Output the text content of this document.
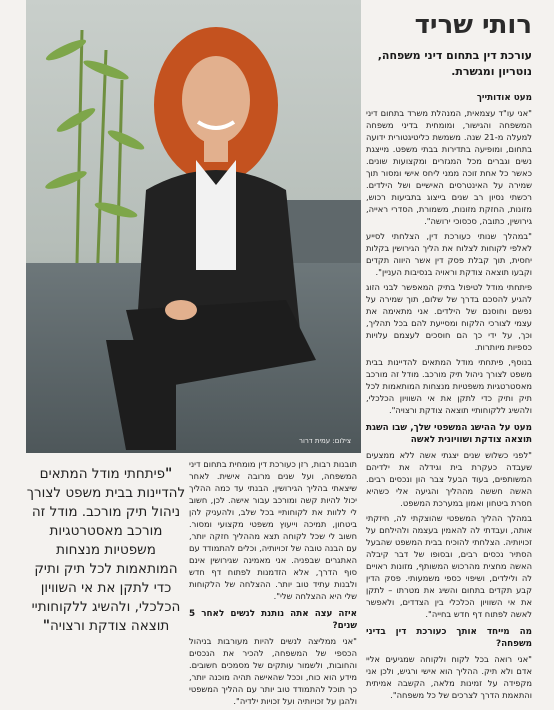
צילום: עמית דרור
רותי שריד
עורכת דין בתחום דיני משפחה, נוטריון ומגשרת.
מעט אודותייך

"אני עו"ד עצמאית, המנהלת משרד בתחום דיני המשפחה והגישור, ומומחית בדיני משפחה למעלה מ-21 שנה. משמשת כליטיגטורית ידועה בתחום, ומופיעה בתדירות בבתי משפט. מייצגת נשים וגברים מכל המגזרים ומקצועות שונים. כאשר כל אחת זוכה ממני ליחס אישי ומסור תוך שמירה על האינטרסים האישיים ושל הילדים. רכשתי נסיון רב שנים בייצוג בתביעות רכוש, מזונות, החזקת מזונות, משמורת, הסדרי ראייה, גירושין, כתובה, סכסוכי ירושה".

"במהלך שנותי כעורכת דין, הצלחתי לסייע לאלפי לקוחות לצלוח את הליך הגירושין בקלות יחסית, תוך קבלת פסק דין אשר היווה תקדים וקבעו תוצאה צודקת וראויה בנסיבות העניין".

פיתחתי מודל לטיפול בתיק המאפשר לבני הזוג להגיע להסכם בדרך של שלום, תוך שמירה על נפשם וחוסנם של הילדים. אני מתאימה את עצמי לצורכי הלקוח ומסייעת להם בכל תהליך, וכך, על ידי כך הם חוסכים לעצמם עלויות כספיות מיותרות.

בנוסף, פיתחתי מודל המתאים להדיינות בבית משפט לצורך ניהול תיק מורכב. מודל זה מורכב מאסטרטגיות משפטיות מנצחות המותאמות לכל תיק ותיק כדי לתקן את אי השוויון הכלכלי, ולהשיג ללקוחותיי תוצאה צודקת ורצויה".

מעט על ההישג המשפטי שלך, שבו השגת תוצאה צודקת ושוויונית לאשה

"לפני כשלוש שנים יצגתי אשה ללא ממצעים שעבדה כעקרת בית וגידלה את ילדיהם המשותפים, בעוד הבעל צבר הון ונכסים רבים. האשה חששה מההליך והגיעה אלי כשהיא חסרת ביטחון ואמון במערכת המשפט.

במהלך ההליך המשפטי שהוצקתי לה, חיזקתי אותה, ועבדתי לה להאמין בעצמה ולהילחם על זכויותיה. הצלחתי להוכיח בבית המשפט שהבעל הסתיר נכסים רבים, ובסופו של דבר קיבלה האשה מחצית מהרכוש המשותף, מזונות ראויים לה ולילדים, ושיפוי כספי משמעותי. פסק הדין קבע תקדים בתחום והשיג את מטרתו – לתקן את אי השוויון הכלכלי בין הצדדים, ולאפשר לאשה לפתוח דף חדש בחייה".

מה מייחד אותך כעורכת דין בדיני משפחה?

"אני רואה בכל לקוח ולקוחה שמגיעים אליי אדם ולא תיק. ההליך הוא אישי ורגיש, ולכן אני מקפידה על זמינות מלאה, הקשבה אמיתית והתאמת הדרך לצרכים של כל משפחה".

תובנות רבות, רזן כעורכת דין מומחית בתחום דיני המשפחה, ועל שנים מרובה אישית. לאחר שיצאתי בהליך הגירושין, הבנתי עד כמה ההליך יכול להיות קשה ומורכב עבור אישה. לכן, חשוב לי ללוות את לקוחותיי בכל שלב, ולהעניק להן ביטחון, תמיכה וייעוץ משפטי מקצועי ומסור. חשוב לי שכל לקוחה תצא מההליך חזקה יותר, עם הבנה טובה של זכויותיה, וכלים להתמודד עם האתגרים שבפניה. אני מאמינה שגירושין אינם סוף הדרך, אלא הזדמנות לפתוח דף חדש ולבנות עתיד טוב יותר. ההצלחה של הלקוחות שלי היא ההצלחה שלי".

איזה עצה אתה נותנת לנשים לאחר 5 שנים?

"אני ממליצה לנשים להיות מעורבות בניהול הכספי של המשפחה, להכיר את הנכסים והחובות, ולשמור עותקים של מסמכים חשובים. מידע הוא כוח, וככל שהאישה תהיה מוכנה יותר, כך תוכל להתמודד טוב יותר עם ההליך המשפטי ולהגן על זכויותיה ועל זכויות ילדיה".

"פיתחתי מודל המתאים להדיינות בבית משפט לצורך ניהול תיק מורכב. מודל זה מורכב מאסטרטגיות משפטיות מנצחות המותאמות לכל תיק ותיק כדי לתקן את אי השוויון הכלכלי, ולהשיג ללקוחותיי תוצאה צודקת ורצויה"
